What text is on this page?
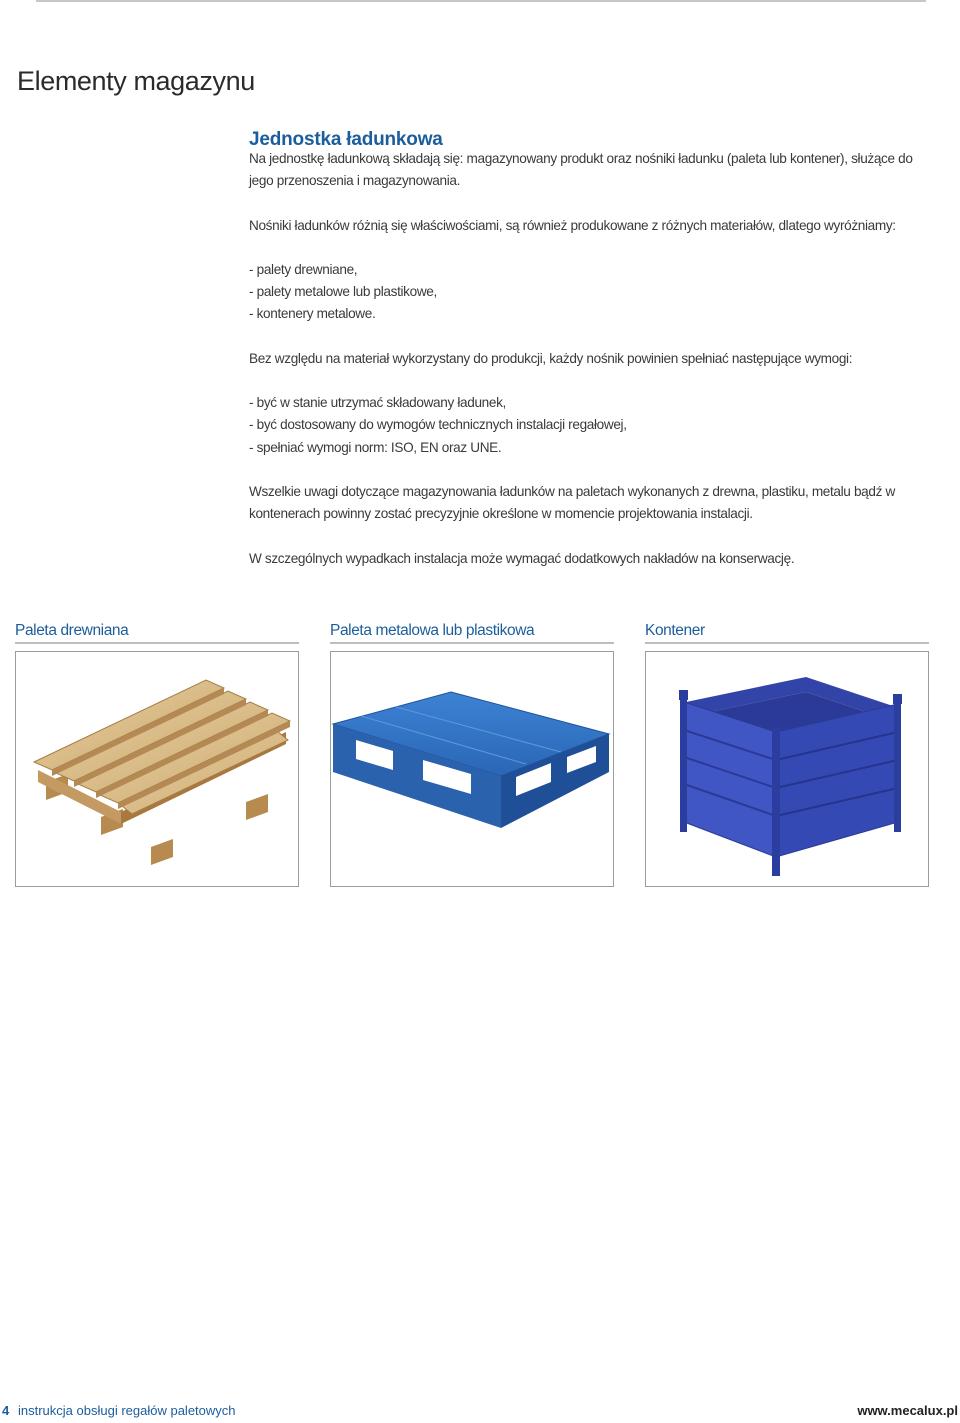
Elementy magazynu
Jednostka ładunkowa

Na jednostkę ładunkową składają się: magazynowany produkt oraz nośniki ładunku (paleta lub kontener), służące do jego przenoszenia i magazynowania.

Nośniki ładunków różnią się właściwościami, są również produkowane z różnych materiałów, dlatego wyróżniamy:

- palety drewniane,
- palety metalowe lub plastikowe,
- kontenery metalowe.

Bez względu na materiał wykorzystany do produkcji, każdy nośnik powinien spełniać następujące wymogi:

- być w stanie utrzymać składowany ładunek,
- być dostosowany do wymogów technicznych instalacji regałowej,
- spełniać wymogi norm: ISO, EN oraz UNE.

Wszelkie uwagi dotyczące magazynowania ładunków na paletach wykonanych z drewna, plastiku, metalu bądź w kontenerach powinny zostać precyzyjnie określone w momencie projektowania instalacji.

W szczególnych wypadkach instalacja może wymagać dodatkowych nakładów na konserwację.

Paleta drewniana	Paleta metalowa lub plastikowa	Kontener
4 instrukcja obsługi regałów paletowych	www.mecalux.pl
